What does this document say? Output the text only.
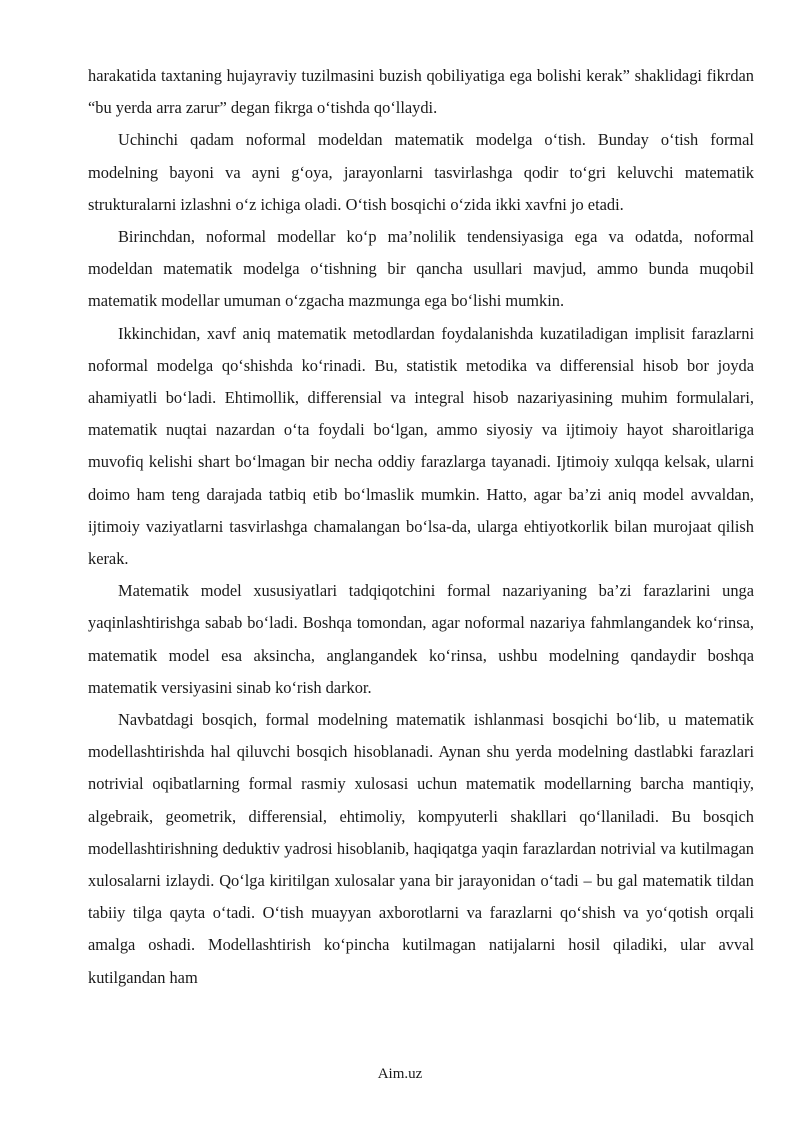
harakatida taxtaning hujayraviy tuzilmasini buzish qobiliyatiga ega bolishi kerak” shaklidagi fikrdan “bu yerda arra zarur” degan fikrga o‘tishda qo‘llaydi.

Uchinchi qadam noformal modeldan matematik modelga o‘tish. Bunday o‘tish formal modelning bayoni va ayni g‘oya, jarayonlarni tasvirlashga qodir to‘gri keluvchi matematik strukturalarni izlashni o‘z ichiga oladi. O‘tish bosqichi o‘zida ikki xavfni jo etadi.

Birinchdan, noformal modellar ko‘p ma’nolilik tendensiyasiga ega va odatda, noformal modeldan matematik modelga o‘tishning bir qancha usullari mavjud, ammo bunda muqobil matematik modellar umuman o‘zgacha mazmunga ega bo‘lishi mumkin.

Ikkinchidan, xavf aniq matematik metodlardan foydalanishda kuzatiladigan implisit farazlarni noformal modelga qo‘shishda ko‘rinadi. Bu, statistik metodika va differensial hisob bor joyda ahamiyatli bo‘ladi. Ehtimollik, differensial va integral hisob nazariyasining muhim formulalari, matematik nuqtai nazardan o‘ta foydali bo‘lgan, ammo siyosiy va ijtimoiy hayot sharoitlariga muvofiq kelishi shart bo‘lmagan bir necha oddiy farazlarga tayanadi. Ijtimoiy xulqqa kelsak, ularni doimo ham teng darajada tatbiq etib bo‘lmaslik mumkin. Hatto, agar ba’zi aniq model avvaldan, ijtimoiy vaziyatlarni tasvirlashga chamalangan bo‘lsa-da, ularga ehtiyotkorlik bilan murojaat qilish kerak.

Matematik model xususiyatlari tadqiqotchini formal nazariyaning ba’zi farazlarini unga yaqinlashtirishga sabab bo‘ladi. Boshqa tomondan, agar noformal nazariya fahmlangandek ko‘rinsa, matematik model esa aksincha, anglangandek ko‘rinsa, ushbu modelning qandaydir boshqa matematik versiyasini sinab ko‘rish darkor.

Navbatdagi bosqich, formal modelning matematik ishlanmasi bosqichi bo‘lib, u matematik modellashtirishda hal qiluvchi bosqich hisoblanadi. Aynan shu yerda modelning dastlabki farazlari notrivial oqibatlarning formal rasmiy xulosasi uchun matematik modellarning barcha mantiqiy, algebraik, geometrik, differensial, ehtimoliy, kompyuterli shakllari qo‘llaniladi. Bu bosqich modellashtirishning deduktiv yadrosi hisoblanib, haqiqatga yaqin farazlardan notrivial va kutilmagan xulosalarni izlaydi. Qo‘lga kiritilgan xulosalar yana bir jarayonidan o‘tadi – bu gal matematik tildan tabiiy tilga qayta o‘tadi. O‘tish muayyan axborotlarni va farazlarni qo‘shish va yo‘qotish orqali amalga oshadi. Modellashtirish ko‘pincha kutilmagan natijalarni hosil qiladiki, ular avval kutilgandan ham

Aim.uz
